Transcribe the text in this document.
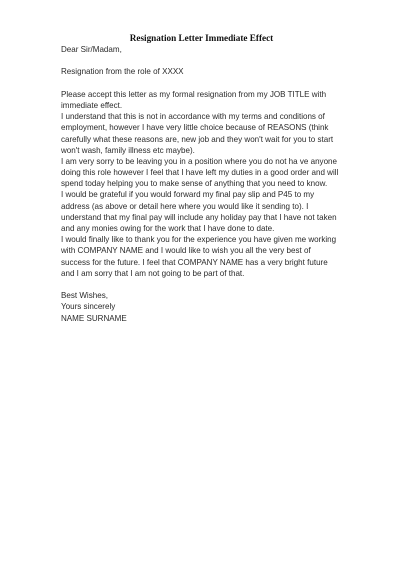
Resignation Letter Immediate Effect
Dear Sir/Madam,
Resignation from the role of XXXX
Please accept this letter as my formal resignation from my JOB TITLE with
immediate effect.
I understand that this is not in accordance with my terms and conditions of
employment, however I have very little choice because of REASONS (think
carefully what these reasons are, new job and they won't wait for you to start
won't wash, family illness etc maybe).
I am very sorry to be leaving you in a position where you do not ha ve anyone
doing this role however I feel that I have left my duties in a good order and will
spend today helping you to make sense of anything that you need to know.
I would be grateful if you would forward my final pay slip and P45 to my
address (as above or detail here where you would like it sending to). I
understand that my final pay will include any holiday pay that I have not taken
and any monies owing for the work that I have done to date.
I would finally like to thank you for the experience you have given me working
with COMPANY NAME and I would like to wish you all the very best of
success for the future. I feel that COMPANY NAME has a very bright future
and I am sorry that I am not going to be part of that.
Best Wishes,
Yours sincerely
NAME SURNAME
